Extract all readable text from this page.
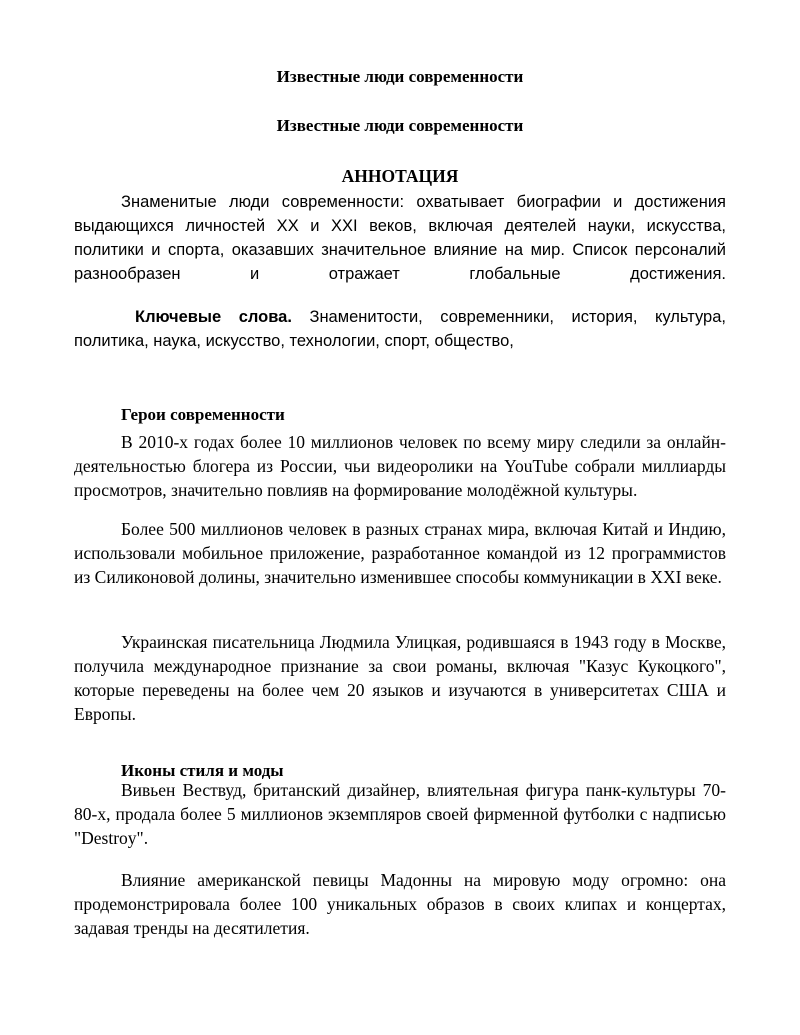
Известные люди современности
Известные люди современности
АННОТАЦИЯ
Знаменитые люди современности: охватывает биографии и достижения выдающихся личностей XX и XXI веков, включая деятелей науки, искусства, политики и спорта, оказавших значительное влияние на мир. Список персоналий разнообразен и отражает глобальные достижения.
Ключевые слова. Знаменитости, современники, история, культура, политика, наука, искусство, технологии, спорт, общество,
Герои современности
В 2010-х годах более 10 миллионов человек по всему миру следили за онлайн-деятельностью блогера из России, чьи видеоролики на YouTube собрали миллиарды просмотров, значительно повлияв на формирование молодёжной культуры.
Более 500 миллионов человек в разных странах мира, включая Китай и Индию, использовали мобильное приложение, разработанное командой из 12 программистов из Силиконовой долины, значительно изменившее способы коммуникации в XXI веке.
Украинская писательница Людмила Улицкая, родившаяся в 1943 году в Москве, получила международное признание за свои романы, включая "Казус Кукоцкого", которые переведены на более чем 20 языков и изучаются в университетах США и Европы.
Иконы стиля и моды
Вивьен Вествуд, британский дизайнер, влиятельная фигура панк-культуры 70-80-х, продала более 5 миллионов экземпляров своей фирменной футболки с надписью "Destroy".
Влияние американской певицы Мадонны на мировую моду огромно: она продемонстрировала более 100 уникальных образов в своих клипах и концертах, задавая тренды на десятилетия.
